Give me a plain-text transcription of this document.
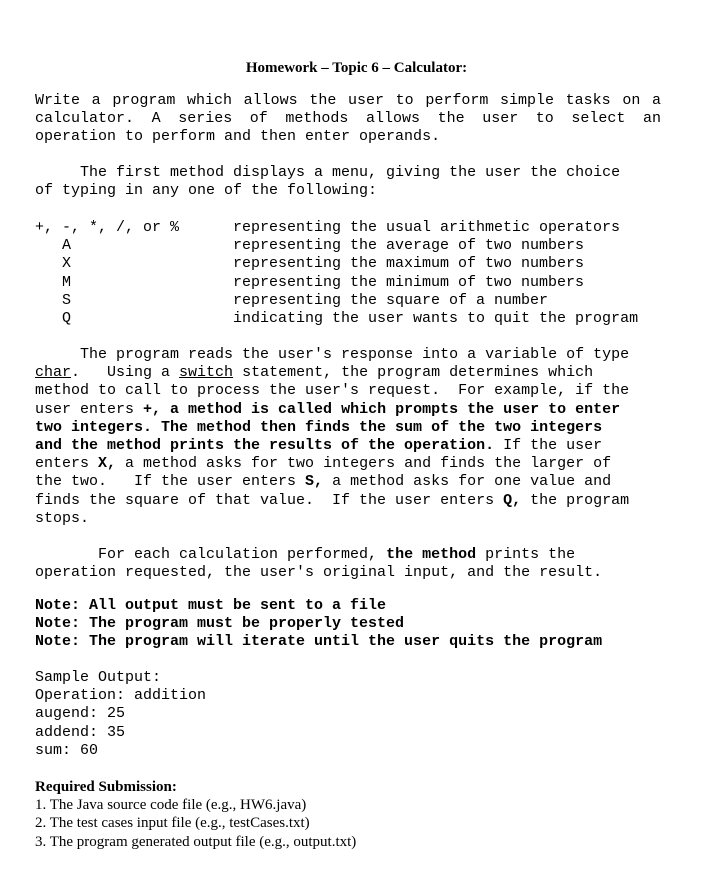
Homework – Topic 6 – Calculator:
Write a program which allows the user to perform simple tasks on a
calculator. A series of methods allows the user to select an
operation to perform and then enter operands.
The first method displays a menu, giving the user the choice
of typing in any one of the following:
+, -, *, /, or %	representing the usual arithmetic operators
A	representing the average of two numbers
X	representing the maximum of two numbers
M	representing the minimum of two numbers
S	representing the square of a number
Q	indicating the user wants to quit the program
The program reads the user's response into a variable of type
char.   Using a switch statement, the program determines which
method to call to process the user's request.  For example, if the
user enters +, a method is called which prompts the user to enter
two integers. The method then finds the sum of the two integers
and the method prints the results of the operation. If the user
enters X, a method asks for two integers and finds the larger of
the two.   If the user enters S, a method asks for one value and
finds the square of that value.  If the user enters Q, the program
stops.
For each calculation performed, the method prints the
operation requested, the user's original input, and the result.
Note: All output must be sent to a file
Note: The program must be properly tested
Note: The program will iterate until the user quits the program
Sample Output:
Operation: addition
augend: 25
addend: 35
sum: 60
Required Submission:
1. The Java source code file (e.g., HW6.java)
2. The test cases input file (e.g., testCases.txt)
3. The program generated output file (e.g., output.txt)
